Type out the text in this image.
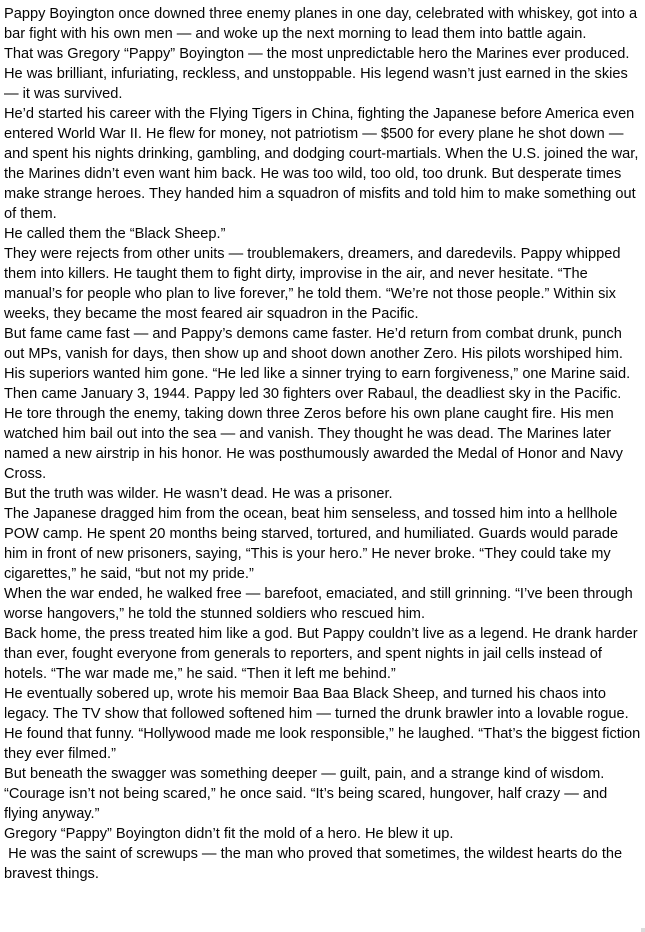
Pappy Boyington once downed three enemy planes in one day, celebrated with whiskey, got into a bar fight with his own men — and woke up the next morning to lead them into battle again.

That was Gregory “Pappy” Boyington — the most unpredictable hero the Marines ever produced. He was brilliant, infuriating, reckless, and unstoppable. His legend wasn’t just earned in the skies — it was survived.

He’d started his career with the Flying Tigers in China, fighting the Japanese before America even entered World War II. He flew for money, not patriotism — $500 for every plane he shot down — and spent his nights drinking, gambling, and dodging court-martials. When the U.S. joined the war, the Marines didn’t even want him back. He was too wild, too old, too drunk. But desperate times make strange heroes. They handed him a squadron of misfits and told him to make something out of them.

He called them the “Black Sheep.”

They were rejects from other units — troublemakers, dreamers, and daredevils. Pappy whipped them into killers. He taught them to fight dirty, improvise in the air, and never hesitate. “The manual’s for people who plan to live forever,” he told them. “We’re not those people.” Within six weeks, they became the most feared air squadron in the Pacific.

But fame came fast — and Pappy’s demons came faster. He’d return from combat drunk, punch out MPs, vanish for days, then show up and shoot down another Zero. His pilots worshiped him. His superiors wanted him gone. “He led like a sinner trying to earn forgiveness,” one Marine said.

Then came January 3, 1944. Pappy led 30 fighters over Rabaul, the deadliest sky in the Pacific. He tore through the enemy, taking down three Zeros before his own plane caught fire. His men watched him bail out into the sea — and vanish. They thought he was dead. The Marines later named a new airstrip in his honor. He was posthumously awarded the Medal of Honor and Navy Cross.

But the truth was wilder. He wasn’t dead. He was a prisoner.

The Japanese dragged him from the ocean, beat him senseless, and tossed him into a hellhole POW camp. He spent 20 months being starved, tortured, and humiliated. Guards would parade him in front of new prisoners, saying, “This is your hero.” He never broke. “They could take my cigarettes,” he said, “but not my pride.”

When the war ended, he walked free — barefoot, emaciated, and still grinning. “I’ve been through worse hangovers,” he told the stunned soldiers who rescued him.

Back home, the press treated him like a god. But Pappy couldn’t live as a legend. He drank harder than ever, fought everyone from generals to reporters, and spent nights in jail cells instead of hotels. “The war made me,” he said. “Then it left me behind.”

He eventually sobered up, wrote his memoir Baa Baa Black Sheep, and turned his chaos into legacy. The TV show that followed softened him — turned the drunk brawler into a lovable rogue. He found that funny. “Hollywood made me look responsible,” he laughed. “That’s the biggest fiction they ever filmed.”

But beneath the swagger was something deeper — guilt, pain, and a strange kind of wisdom. “Courage isn’t not being scared,” he once said. “It’s being scared, hungover, half crazy — and flying anyway.”

Gregory “Pappy” Boyington didn’t fit the mold of a hero. He blew it up.

He was the saint of screwups — the man who proved that sometimes, the wildest hearts do the bravest things.
